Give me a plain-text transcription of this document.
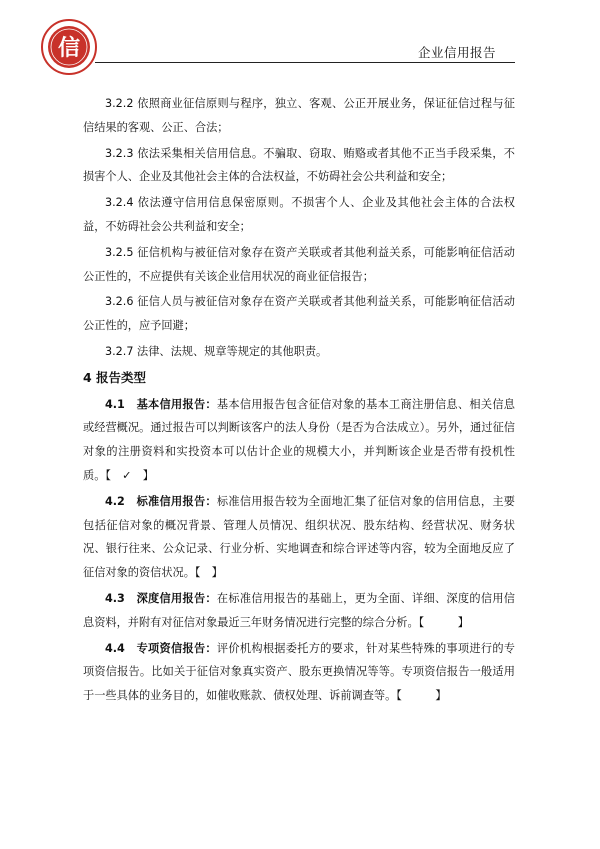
信	企业信用报告

3.2.2 依照商业征信原则与程序，独立、客观、公正开展业务，保证征信过程与征信结果的客观、公正、合法；

3.2.3 依法采集相关信用信息。不骗取、窃取、贿赂或者其他不正当手段采集，不损害个人、企业及其他社会主体的合法权益，不妨碍社会公共利益和安全；

3.2.4 依法遵守信用信息保密原则。不损害个人、企业及其他社会主体的合法权益，不妨碍社会公共利益和安全；

3.2.5 征信机构与被征信对象存在资产关联或者其他利益关系，可能影响征信活动公正性的，不应提供有关该企业信用状况的商业征信报告；

3.2.6 征信人员与被征信对象存在资产关联或者其他利益关系，可能影响征信活动公正性的，应予回避；

3.2.7 法律、法规、规章等规定的其他职责。

4 报告类型

4.1　基本信用报告：基本信用报告包含征信对象的基本工商注册信息、相关信息或经营概况。通过报告可以判断该客户的法人身份（是否为合法成立）。另外，通过征信对象的注册资料和实投资本可以估计企业的规模大小，并判断该企业是否带有投机性质。【　✓　】

4.2　标准信用报告：标准信用报告较为全面地汇集了征信对象的信用信息，主要包括征信对象的概况背景、管理人员情况、组织状况、股东结构、经营状况、财务状况、银行往来、公众记录、行业分析、实地调查和综合评述等内容，较为全面地反应了征信对象的资信状况。【　】

4.3　深度信用报告：在标准信用报告的基础上，更为全面、详细、深度的信用信息资料，并附有对征信对象最近三年财务情况进行完整的综合分析。【　　　】

4.4　专项资信报告：评价机构根据委托方的要求，针对某些特殊的事项进行的专项资信报告。比如关于征信对象真实资产、股东更换情况等等。专项资信报告一般适用于一些具体的业务目的，如催收账款、债权处理、诉前调查等。【　　　】
